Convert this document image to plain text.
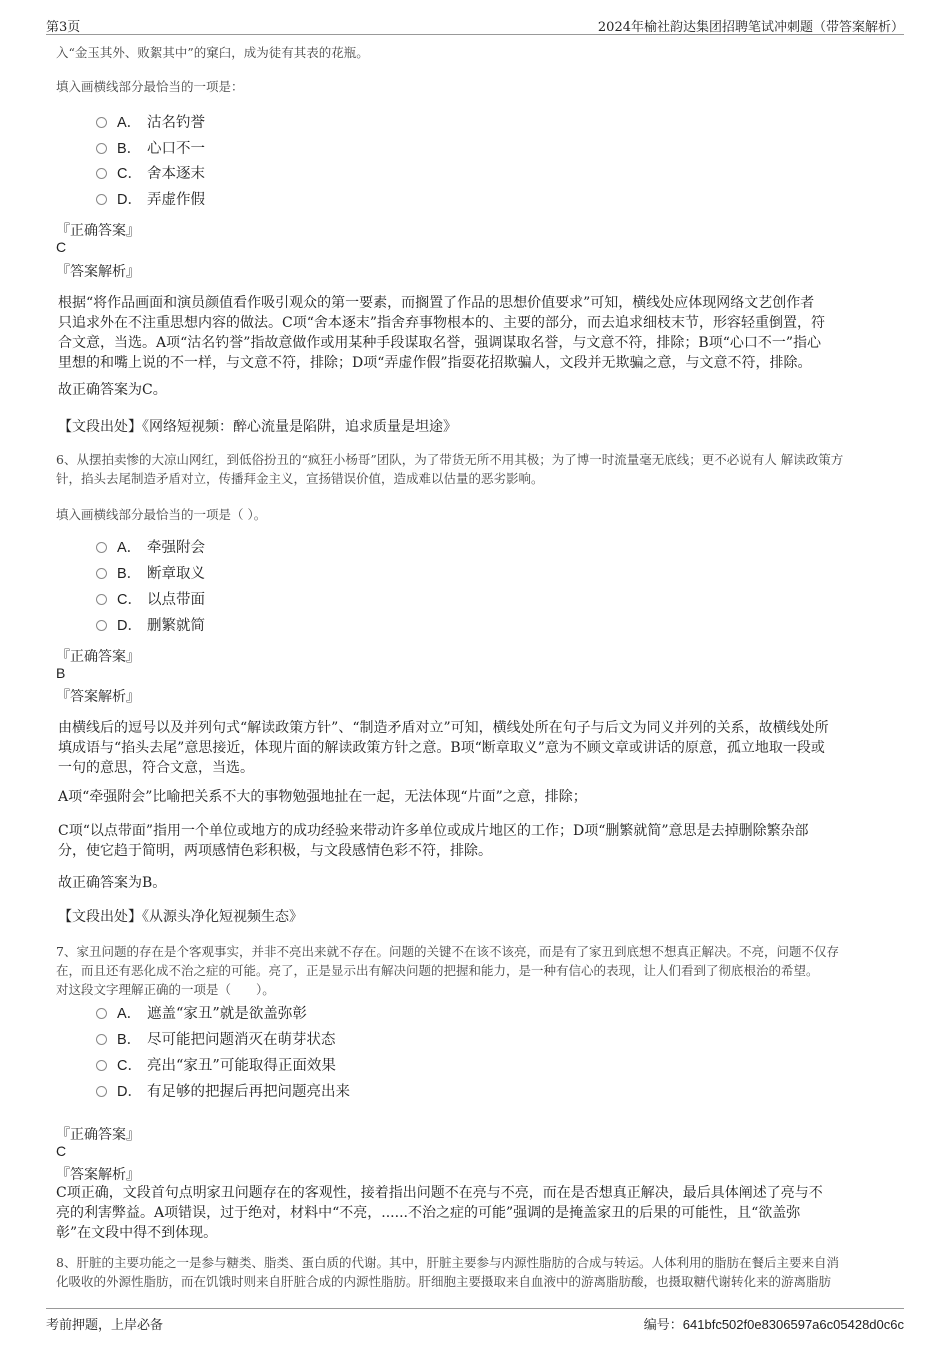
第3页	2024年榆社韵达集团招聘笔试冲刺题（带答案解析）
入“金玉其外、败絮其中”的窠臼，成为徒有其表的花瓶。
填入画横线部分最恰当的一项是：
A． 沽名钓誉
B． 心口不一
C． 舍本逐末
D． 弄虚作假
『正确答案』
C
『答案解析』
根据“将作品画面和演员颜值看作吸引观众的第一要素，而搁置了作品的思想价值要求”可知，横线处应体现网络文艺创作者
只追求外在不注重思想内容的做法。C项“舍本逐末”指舍弃事物根本的、主要的部分，而去追求细枝末节，形容轻重倒置，符
合文意，当选。A项“沽名钓誉”指故意做作或用某种手段谋取名誉，强调谋取名誉，与文意不符，排除；B项“心口不一”指心
里想的和嘴上说的不一样，与文意不符，排除；D项“弄虚作假”指耍花招欺骗人，文段并无欺骗之意，与文意不符，排除。
故正确答案为C。
【文段出处】《网络短视频：醉心流量是陷阱，追求质量是坦途》
6、从摆拍卖惨的大凉山网红，到低俗扮丑的“疯狂小杨哥”团队，为了带货无所不用其极；为了博一时流量毫无底线；更不必说有人 解读政策方
针，掐头去尾制造矛盾对立，传播拜金主义，宣扬错误价值，造成难以估量的恶劣影响。
填入画横线部分最恰当的一项是（ ）。
A． 牵强附会
B． 断章取义
C． 以点带面
D． 删繁就简
『正确答案』
B
『答案解析』
由横线后的逗号以及并列句式“解读政策方针”、“制造矛盾对立”可知，横线处所在句子与后文为同义并列的关系，故横线处所
填成语与“掐头去尾”意思接近，体现片面的解读政策方针之意。B项“断章取义”意为不顾文章或讲话的原意，孤立地取一段或
一句的意思，符合文意，当选。
A项“牵强附会”比喻把关系不大的事物勉强地扯在一起，无法体现“片面”之意，排除；
C项“以点带面”指用一个单位或地方的成功经验来带动许多单位或成片地区的工作；D项“删繁就简”意思是去掉删除繁杂部
分，使它趋于简明，两项感情色彩积极，与文段感情色彩不符，排除。
故正确答案为B。
【文段出处】《从源头净化短视频生态》
7、家丑问题的存在是个客观事实，并非不亮出来就不存在。问题的关键不在该不该亮，而是有了家丑到底想不想真正解决。不亮，问题不仅存
在，而且还有恶化成不治之症的可能。亮了，正是显示出有解决问题的把握和能力，是一种有信心的表现，让人们看到了彻底根治的希望。
对这段文字理解正确的一项是（　　）。
A． 遮盖“家丑”就是欲盖弥彰
B． 尽可能把问题消灭在萌芽状态
C． 亮出“家丑”可能取得正面效果
D． 有足够的把握后再把问题亮出来
『正确答案』
C
『答案解析』
C项正确，文段首句点明家丑问题存在的客观性，接着指出问题不在亮与不亮，而在是否想真正解决，最后具体阐述了亮与不
亮的利害弊益。A项错误，过于绝对，材料中“不亮，......不治之症的可能”强调的是掩盖家丑的后果的可能性，且“欲盖弥
彰”在文段中得不到体现。
8、肝脏的主要功能之一是参与糖类、脂类、蛋白质的代谢。其中，肝脏主要参与内源性脂肪的合成与转运。人体利用的脂肪在餐后主要来自消
化吸收的外源性脂肪，而在饥饿时则来自肝脏合成的内源性脂肪。肝细胞主要摄取来自血液中的游离脂肪酸，也摄取糖代谢转化来的游离脂肪
考前押题，上岸必备	编号：641bfc502f0e8306597a6c05428d0c6c
